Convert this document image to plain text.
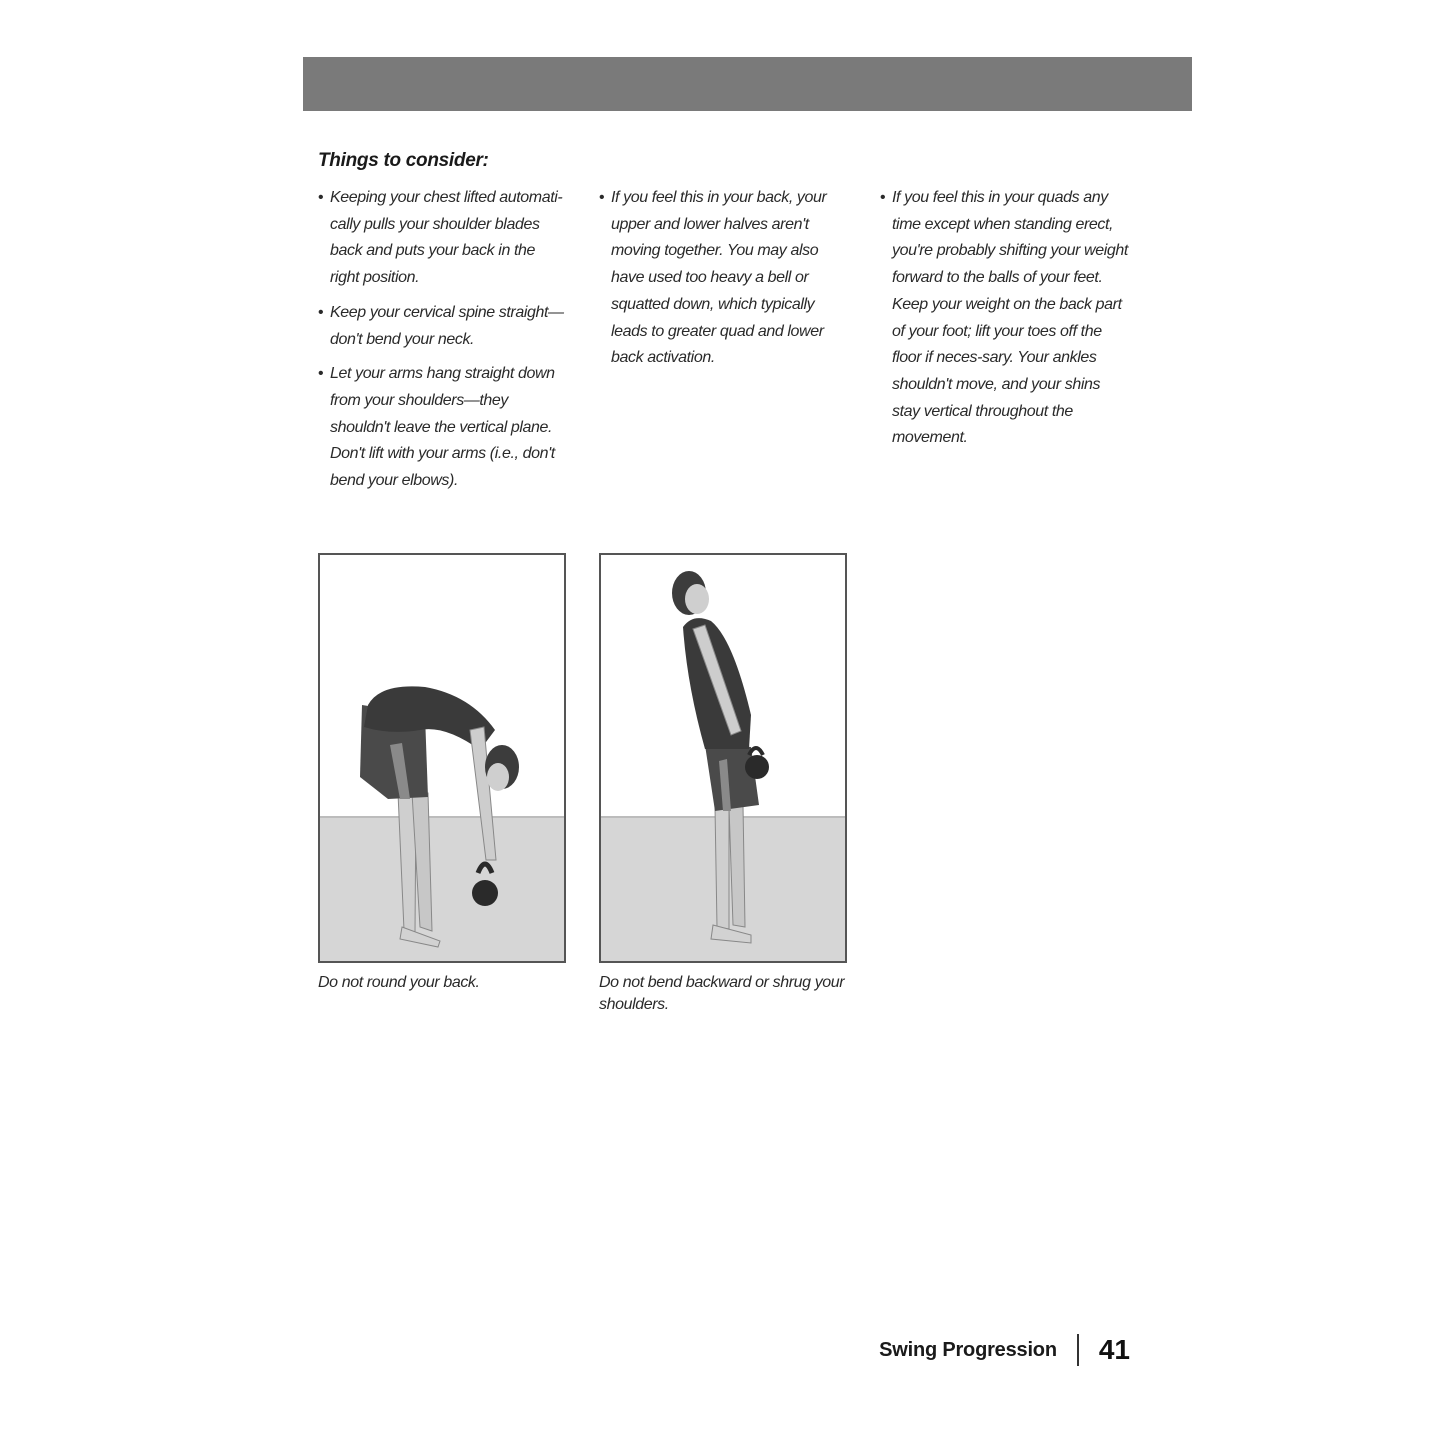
Things to consider:
• Keeping your chest lifted automati-cally pulls your shoulder blades back and puts your back in the right position.
• Keep your cervical spine straight—don't bend your neck.
• Let your arms hang straight down from your shoulders—they shouldn't leave the vertical plane. Don't lift with your arms (i.e., don't bend your elbows).
• If you feel this in your back, your upper and lower halves aren't moving together. You may also have used too heavy a bell or squatted down, which typically leads to greater quad and lower back activation.
• If you feel this in your quads any time except when standing erect, you're probably shifting your weight forward to the balls of your feet. Keep your weight on the back part of your foot; lift your toes off the floor if neces-sary. Your ankles shouldn't move, and your shins stay vertical throughout the movement.
Do not round your back.	Do not bend backward or shrug your shoulders.
Swing Progression 41
